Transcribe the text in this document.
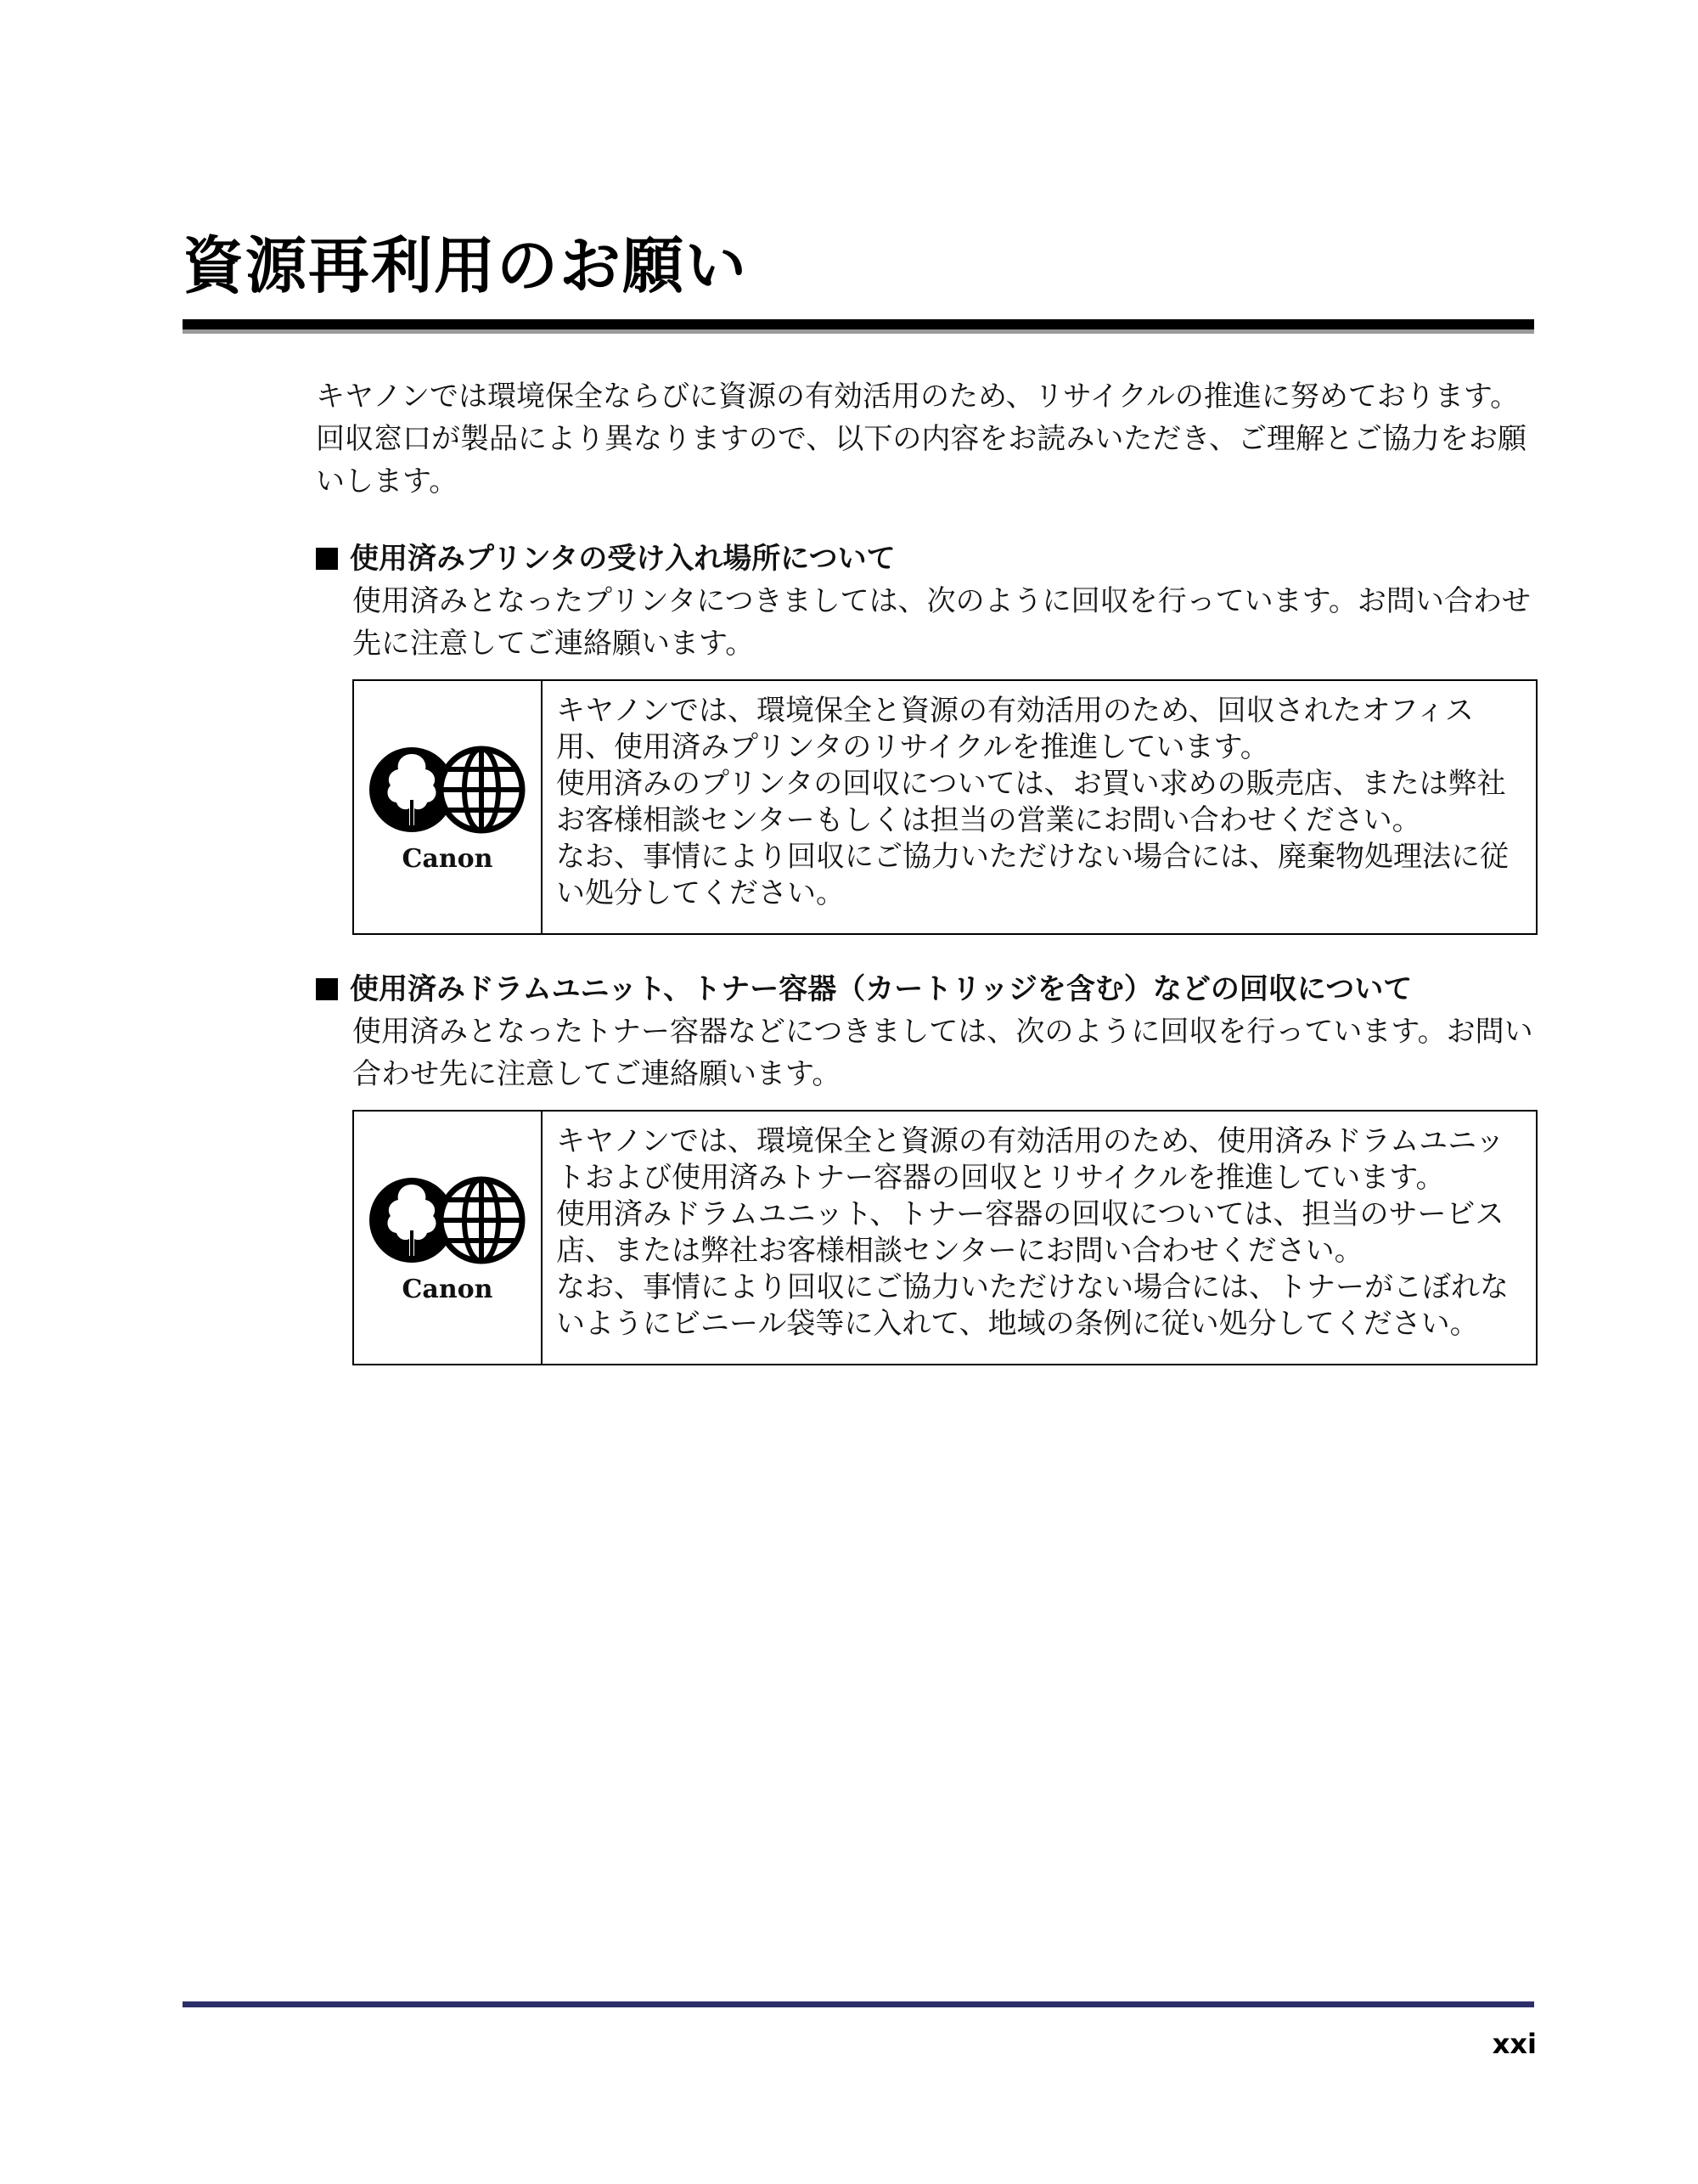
資源再利用のお願い

キヤノンでは環境保全ならびに資源の有効活用のため、リサイクルの推進に努めております。回収窓口が製品により異なりますので、以下の内容をお読みいただき、ご理解とご協力をお願いします。

使用済みプリンタの受け入れ場所について

使用済みとなったプリンタにつきましては、次のように回収を行っています。お問い合わせ先に注意してご連絡願います。

Canon

キヤノンでは、環境保全と資源の有効活用のため、回収されたオフィス用、使用済みプリンタのリサイクルを推進しています。

使用済みのプリンタの回収については、お買い求めの販売店、または弊社お客様相談センターもしくは担当の営業にお問い合わせください。

なお、事情により回収にご協力いただけない場合には、廃棄物処理法に従い処分してください。

使用済みドラムユニット、トナー容器（カートリッジを含む）などの回収について

使用済みとなったトナー容器などにつきましては、次のように回収を行っています。お問い合わせ先に注意してご連絡願います。

Canon

キヤノンでは、環境保全と資源の有効活用のため、使用済みドラムユニットおよび使用済みトナー容器の回収とリサイクルを推進しています。

使用済みドラムユニット、トナー容器の回収については、担当のサービス店、または弊社お客様相談センターにお問い合わせください。

なお、事情により回収にご協力いただけない場合には、トナーがこぼれないようにビニール袋等に入れて、地域の条例に従い処分してください。

xxi
